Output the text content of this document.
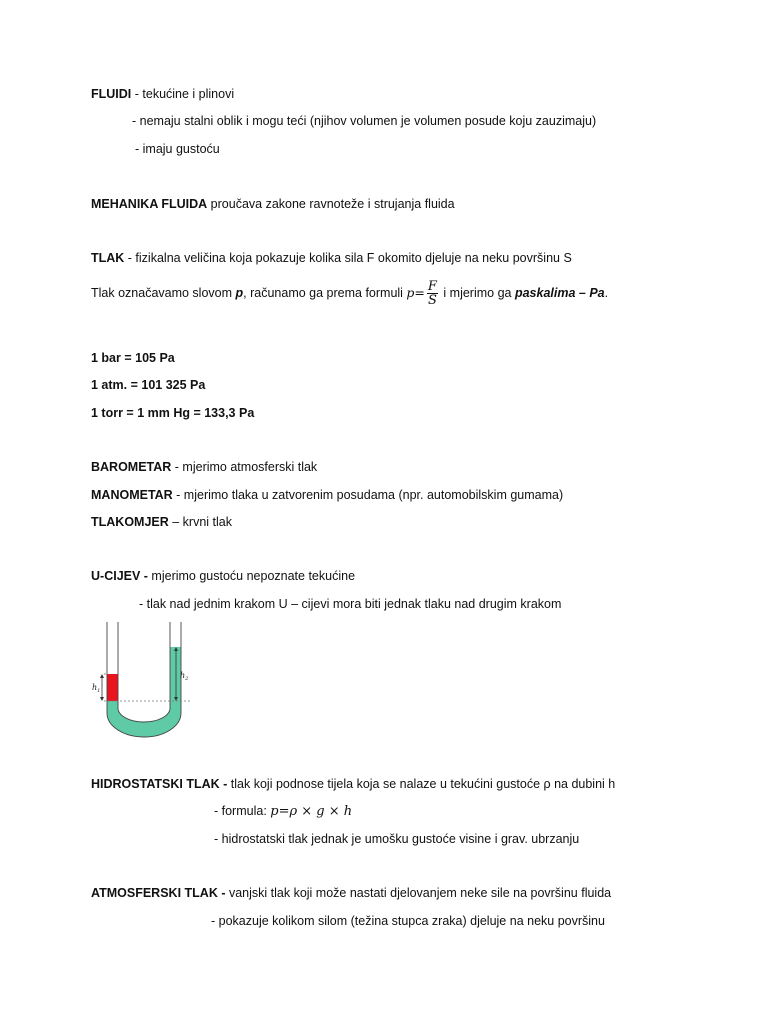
FLUIDI - tekućine i plinovi
- nemaju stalni oblik i mogu teći (njihov volumen je volumen posude koju zauzimaju)
- imaju gustoću
MEHANIKA FLUIDA proučava zakone ravnoteže i strujanja fluida
TLAK - fizikalna veličina koja pokazuje kolika sila F okomito djeluje na neku površinu S
Tlak označavamo slovom p, računamo ga prema formuli $p= \frac{F}{S}$ i mjerimo ga paskalima – Pa.
1 bar = 105 Pa
1 atm. = 101 325 Pa
1 torr = 1 mm Hg = 133,3 Pa
BAROMETAR - mjerimo atmosferski tlak
MANOMETAR - mjerimo tlaka u zatvorenim posudama (npr. automobilskim gumama)
TLAKOMJER – krvni tlak
U-CIJEV - mjerimo gustoću nepoznate tekućine
- tlak nad jednim krakom U – cijevi mora biti jednak tlaku nad drugim krakom
$h_1$
$h_2$
HIDROSTATSKI TLAK - tlak koji podnose tijela koja se nalaze u tekućini gustoće ρ na dubini h
- formula: p=ρ × g × h
- hidrostatski tlak jednak je umošku gustoće visine i grav. ubrzanju
ATMOSFERSKI TLAK - vanjski tlak koji može nastati djelovanjem neke sile na površinu fluida
- pokazuje kolikom silom (težina stupca zraka) djeluje na neku površinu
